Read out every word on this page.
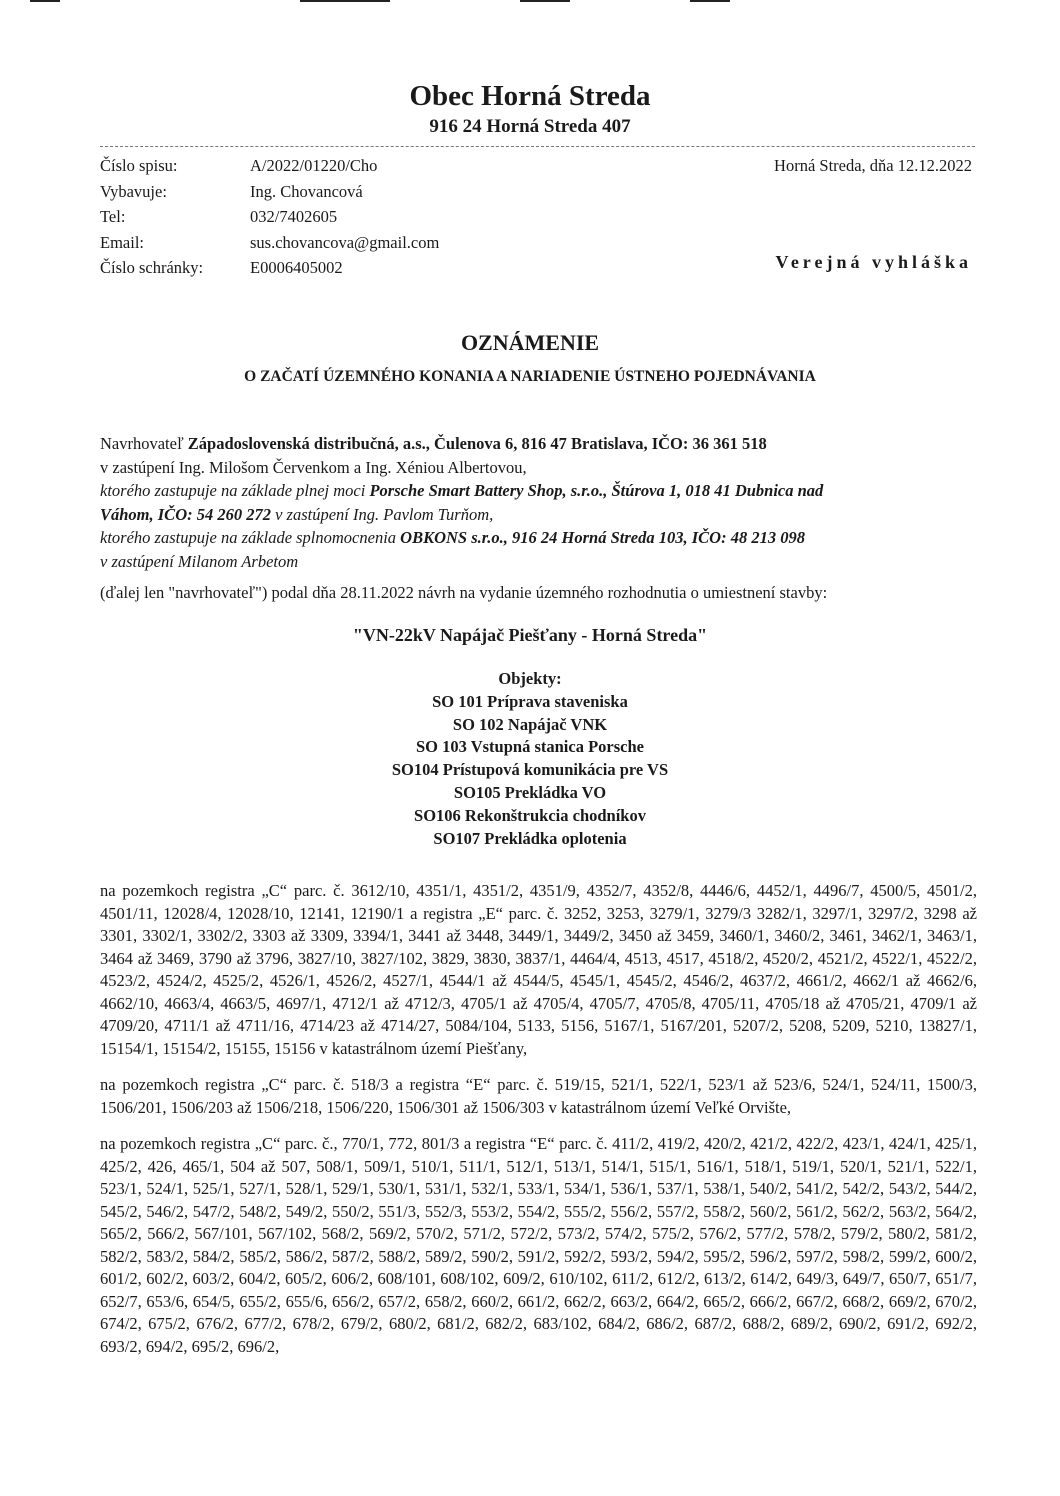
Obec Horná Streda
916 24 Horná Streda 407
Číslo spisu:	A/2022/01220/Cho
Vybavuje:	Ing. Chovancová
Tel:	032/7402605
Email:	sus.chovancova@gmail.com
Číslo schránky:	E0006405002
Horná Streda, dňa 12.12.2022
Verejná vyhláška
OZNÁMENIE
O ZAČATÍ ÚZEMNÉHO KONANIA A NARIADENIE ÚSTNEHO POJEDNÁVANIA
Navrhovateľ Západoslovenská distribučná, a.s., Čulenova 6, 816 47 Bratislava, IČO: 36 361 518
v zastúpení Ing. Milošom Červenkom a Ing. Xéniou Albertovou,
ktorého zastupuje na základe plnej moci Porsche Smart Battery Shop, s.r.o., Štúrova 1, 018 41 Dubnica nad
Váhom, IČO: 54 260 272 v zastúpení Ing. Pavlom Turňom,
ktorého zastupuje na základe splnomocnenia OBKONS s.r.o., 916 24 Horná Streda 103, IČO: 48 213 098
v zastúpení Milanom Arbetom
(ďalej len "navrhovateľ") podal dňa 28.11.2022 návrh na vydanie územného rozhodnutia o umiestnení stavby:
"VN-22kV Napájač Piešťany - Horná Streda"
Objekty:
SO 101 Príprava staveniska
SO 102 Napájač VNK
SO 103 Vstupná stanica Porsche
SO104 Prístupová komunikácia pre VS
SO105 Prekládka VO
SO106 Rekonštrukcia chodníkov
SO107 Prekládka oplotenia

na pozemkoch registra „C“ parc. č. 3612/10, 4351/1, 4351/2, 4351/9, 4352/7, 4352/8, 4446/6, 4452/1, 4496/7, 4500/5, 4501/2, 4501/11, 12028/4, 12028/10, 12141, 12190/1 a registra „E“ parc. č. 3252, 3253, 3279/1, 3279/3 3282/1, 3297/1, 3297/2, 3298 až 3301, 3302/1, 3302/2, 3303 až 3309, 3394/1, 3441 až 3448, 3449/1, 3449/2, 3450 až 3459, 3460/1, 3460/2, 3461, 3462/1, 3463/1, 3464 až 3469, 3790 až 3796, 3827/10, 3827/102, 3829, 3830, 3837/1, 4464/4, 4513, 4517, 4518/2, 4520/2, 4521/2, 4522/1, 4522/2, 4523/2, 4524/2, 4525/2, 4526/1, 4526/2, 4527/1, 4544/1 až 4544/5, 4545/1, 4545/2, 4546/2, 4637/2, 4661/2, 4662/1 až 4662/6, 4662/10, 4663/4, 4663/5, 4697/1, 4712/1 až 4712/3, 4705/1 až 4705/4, 4705/7, 4705/8, 4705/11, 4705/18 až 4705/21, 4709/1 až 4709/20, 4711/1 až 4711/16, 4714/23 až 4714/27, 5084/104, 5133, 5156, 5167/1, 5167/201, 5207/2, 5208, 5209, 5210, 13827/1, 15154/1, 15154/2, 15155, 15156 v katastrálnom území Piešťany,

na pozemkoch registra „C“ parc. č. 518/3 a registra “E“ parc. č. 519/15, 521/1, 522/1, 523/1 až 523/6, 524/1, 524/11, 1500/3, 1506/201, 1506/203 až 1506/218, 1506/220, 1506/301 až 1506/303 v katastrálnom území Veľké Orvište,

na pozemkoch registra „C“ parc. č., 770/1, 772, 801/3 a registra “E“ parc. č. 411/2, 419/2, 420/2, 421/2, 422/2, 423/1, 424/1, 425/1, 425/2, 426, 465/1, 504 až 507, 508/1, 509/1, 510/1, 511/1, 512/1, 513/1, 514/1, 515/1, 516/1, 518/1, 519/1, 520/1, 521/1, 522/1, 523/1, 524/1, 525/1, 527/1, 528/1, 529/1, 530/1, 531/1, 532/1, 533/1, 534/1, 536/1, 537/1, 538/1, 540/2, 541/2, 542/2, 543/2, 544/2, 545/2, 546/2, 547/2, 548/2, 549/2, 550/2, 551/3, 552/3, 553/2, 554/2, 555/2, 556/2, 557/2, 558/2, 560/2, 561/2, 562/2, 563/2, 564/2, 565/2, 566/2, 567/101, 567/102, 568/2, 569/2, 570/2, 571/2, 572/2, 573/2, 574/2, 575/2, 576/2, 577/2, 578/2, 579/2, 580/2, 581/2, 582/2, 583/2, 584/2, 585/2, 586/2, 587/2, 588/2, 589/2, 590/2, 591/2, 592/2, 593/2, 594/2, 595/2, 596/2, 597/2, 598/2, 599/2, 600/2, 601/2, 602/2, 603/2, 604/2, 605/2, 606/2, 608/101, 608/102, 609/2, 610/102, 611/2, 612/2, 613/2, 614/2, 649/3, 649/7, 650/7, 651/7, 652/7, 653/6, 654/5, 655/2, 655/6, 656/2, 657/2, 658/2, 660/2, 661/2, 662/2, 663/2, 664/2, 665/2, 666/2, 667/2, 668/2, 669/2, 670/2, 674/2, 675/2, 676/2, 677/2, 678/2, 679/2, 680/2, 681/2, 682/2, 683/102, 684/2, 686/2, 687/2, 688/2, 689/2, 690/2, 691/2, 692/2, 693/2, 694/2, 695/2, 696/2,
